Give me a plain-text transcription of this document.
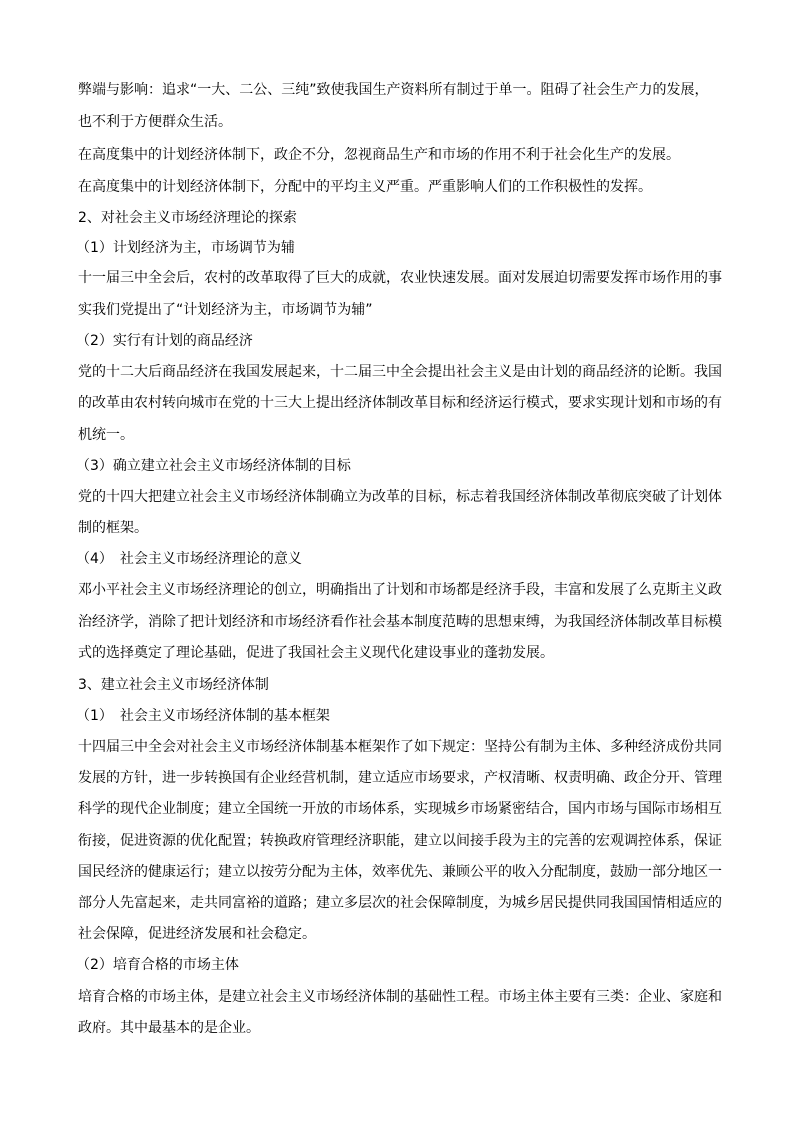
弊端与影响：追求“一大、二公、三纯”致使我国生产资料所有制过于单一。阻碍了社会生产力的发展，

也不利于方便群众生活。

在高度集中的计划经济体制下，政企不分，忽视商品生产和市场的作用不利于社会化生产的发展。

在高度集中的计划经济体制下，分配中的平均主义严重。严重影响人们的工作积极性的发挥。

2、对社会主义市场经济理论的探索

（1）计划经济为主，市场调节为辅

十一届三中全会后，农村的改革取得了巨大的成就，农业快速发展。面对发展迫切需要发挥市场作用的事

实我们党提出了“计划经济为主，市场调节为辅”

（2）实行有计划的商品经济

党的十二大后商品经济在我国发展起来，十二届三中全会提出社会主义是由计划的商品经济的论断。我国

的改革由农村转向城市在党的十三大上提出经济体制改革目标和经济运行模式，要求实现计划和市场的有

机统一。

（3）确立建立社会主义市场经济体制的目标

党的十四大把建立社会主义市场经济体制确立为改革的目标，标志着我国经济体制改革彻底突破了计划体

制的框架。

（4）　社会主义市场经济理论的意义

邓小平社会主义市场经济理论的创立，明确指出了计划和市场都是经济手段，丰富和发展了么克斯主义政

治经济学，消除了把计划经济和市场经济看作社会基本制度范畴的思想束缚，为我国经济体制改革目标模

式的选择奠定了理论基础，促进了我国社会主义现代化建设事业的蓬勃发展。

3、建立社会主义市场经济体制

（1）　社会主义市场经济体制的基本框架

十四届三中全会对社会主义市场经济体制基本框架作了如下规定：坚持公有制为主体、多种经济成份共同

发展的方针，进一步转换国有企业经营机制，建立适应市场要求，产权清晰、权责明确、政企分开、管理

科学的现代企业制度；建立全国统一开放的市场体系，实现城乡市场紧密结合，国内市场与国际市场相互

衔接，促进资源的优化配置；转换政府管理经济职能，建立以间接手段为主的完善的宏观调控体系，保证

国民经济的健康运行；建立以按劳分配为主体，效率优先、兼顾公平的收入分配制度，鼓励一部分地区一

部分人先富起来，走共同富裕的道路；建立多层次的社会保障制度，为城乡居民提供同我国国情相适应的

社会保障，促进经济发展和社会稳定。

（2）培育合格的市场主体

培育合格的市场主体，是建立社会主义市场经济体制的基础性工程。市场主体主要有三类：企业、家庭和

政府。其中最基本的是企业。
